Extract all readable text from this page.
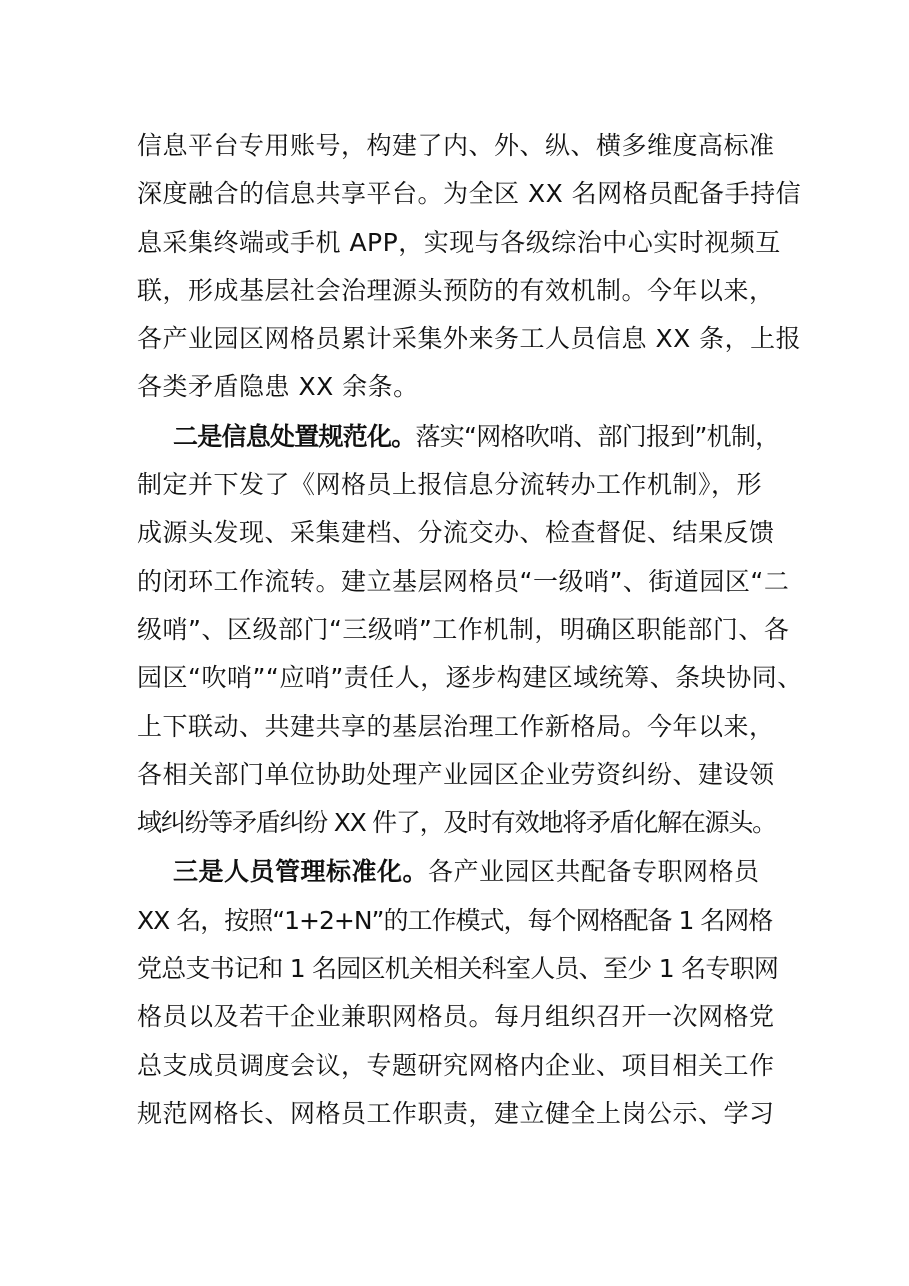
信息平台专用账号，构建了内、外、纵、横多维度高标准
深度融合的信息共享平台。为全区 XX 名网格员配备手持信
息采集终端或手机 APP，实现与各级综治中心实时视频互
联，形成基层社会治理源头预防的有效机制。今年以来，
各产业园区网格员累计采集外来务工人员信息 XX 条，上报
各类矛盾隐患 XX 余条。

二是信息处置规范化。落实“网格吹哨、部门报到”机制，
制定并下发了《网格员上报信息分流转办工作机制》，形
成源头发现、采集建档、分流交办、检查督促、结果反馈
的闭环工作流转。建立基层网格员“一级哨”、街道园区“二
级哨”、区级部门“三级哨”工作机制，明确区职能部门、各
园区“吹哨”“应哨”责任人，逐步构建区域统筹、条块协同、
上下联动、共建共享的基层治理工作新格局。今年以来，
各相关部门单位协助处理产业园区企业劳资纠纷、建设领
域纠纷等矛盾纠纷 XX 件了，及时有效地将矛盾化解在源头。

三是人员管理标准化。各产业园区共配备专职网格员
XX 名，按照“1+2+N”的工作模式，每个网格配备 1 名网格
党总支书记和 1 名园区机关相关科室人员、至少 1 名专职网
格员以及若干企业兼职网格员。每月组织召开一次网格党
总支成员调度会议，专题研究网格内企业、项目相关工作
规范网格长、网格员工作职责，建立健全上岗公示、学习
